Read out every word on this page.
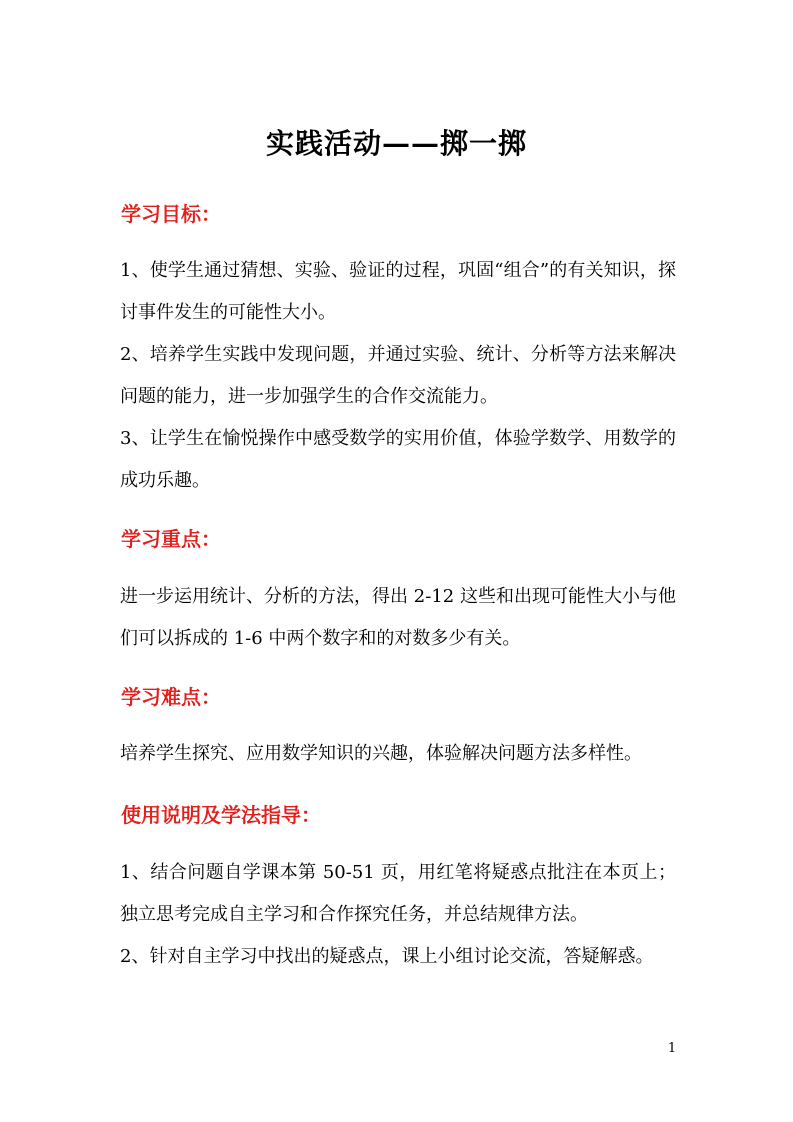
实践活动——掷一掷
学习目标：
1、使学生通过猜想、实验、验证的过程，巩固“组合”的有关知识，探讨事件发生的可能性大小。
2、培养学生实践中发现问题，并通过实验、统计、分析等方法来解决问题的能力，进一步加强学生的合作交流能力。
3、让学生在愉悦操作中感受数学的实用价值，体验学数学、用数学的成功乐趣。
学习重点：
进一步运用统计、分析的方法，得出 2-12 这些和出现可能性大小与他们可以拆成的 1-6 中两个数字和的对数多少有关。
学习难点：
培养学生探究、应用数学知识的兴趣，体验解决问题方法多样性。
使用说明及学法指导：
1、结合问题自学课本第 50-51 页，用红笔将疑惑点批注在本页上；独立思考完成自主学习和合作探究任务，并总结规律方法。
2、针对自主学习中找出的疑惑点，课上小组讨论交流，答疑解惑。
1
